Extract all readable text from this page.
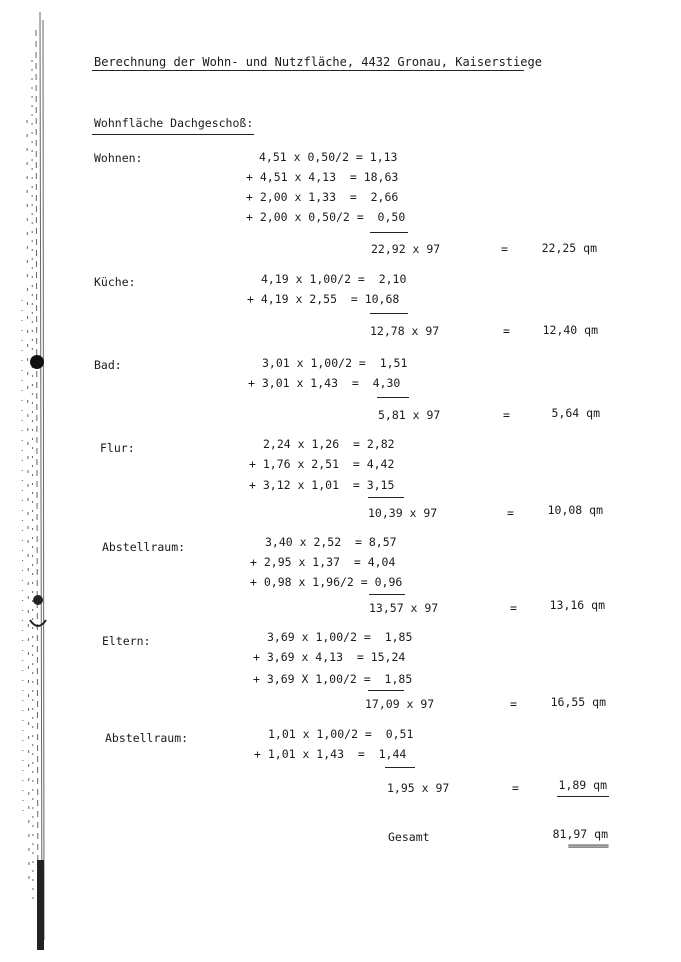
Berechnung der Wohn- und Nutzfläche, 4432 Gronau, Kaiserstiege
Wohnfläche Dachgeschoß:
Wohnen:	4,51 x 0,50/2 = 1,13
+ 4,51 x 4,13  = 18,63
+ 2,00 x 1,33  =  2,66
+ 2,00 x 0,50/2 =  0,50
22,92 x 97	=	22,25 qm
Küche:	4,19 x 1,00/2 =  2,10
+ 4,19 x 2,55  = 10,68
12,78 x 97	=	12,40 qm
Bad:	3,01 x 1,00/2 =  1,51
+ 3,01 x 1,43  =  4,30
5,81 x 97	=	5,64 qm
Flur:	2,24 x 1,26  = 2,82
+ 1,76 x 2,51  = 4,42
+ 3,12 x 1,01  = 3,15
10,39 x 97	=	10,08 qm
Abstellraum:	3,40 x 2,52  = 8,57
+ 2,95 x 1,37  = 4,04
+ 0,98 x 1,96/2 = 0,96
13,57 x 97	=	13,16 qm
Eltern:	3,69 x 1,00/2 =  1,85
+ 3,69 x 4,13  = 15,24
+ 3,69 X 1,00/2 =  1,85
17,09 x 97	=	16,55 qm
Abstellraum:	1,01 x 1,00/2 =  0,51
+ 1,01 x 1,43  =  1,44
1,95 x 97	=	1,89 qm
Gesamt	81,97 qm
========
